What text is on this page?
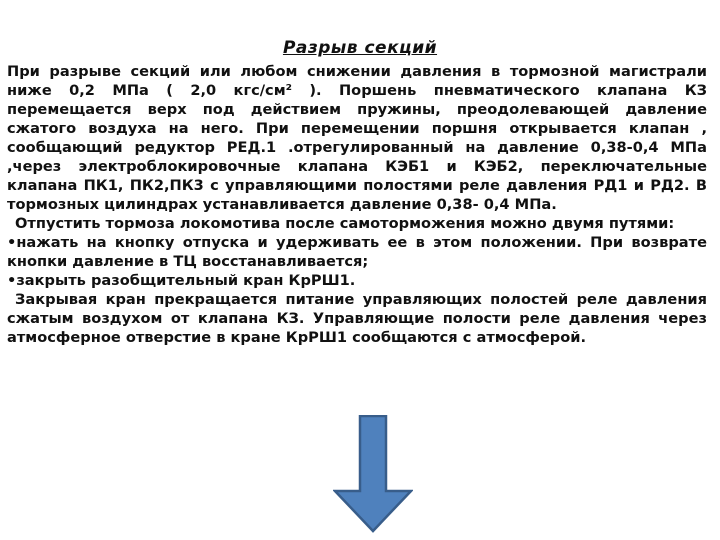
Разрыв секций

При разрыве секций или любом снижении давления в тормозной магистрали ниже 0,2 МПа ( 2,0 кгс/см² ). Поршень пневматического клапана КЗ перемещается верх под действием пружины, преодолевающей давление сжатого воздуха на него. При перемещении поршня открывается клапан , сообщающий редуктор РЕД.1 .отрегулированный на давление 0,38-0,4 МПа ,через электроблокировочные клапана КЭБ1 и КЭБ2, переключательные клапана ПК1, ПК2,ПК3 с управляющими полостями реле давления РД1 и РД2. В тормозных цилиндрах устанавливается давление 0,38- 0,4 МПа.

Отпустить тормоза локомотива после самоторможения можно двумя путями:

•нажать на кнопку отпуска и удерживать ее в этом положении. При возврате кнопки давление в ТЦ восстанавливается;

•закрыть разобщительный кран КрРШ1.

Закрывая кран прекращается питание управляющих полостей реле давления сжатым воздухом от клапана КЗ. Управляющие полости реле давления через атмосферное отверстие в кране КрРШ1 сообщаются с атмосферой.
